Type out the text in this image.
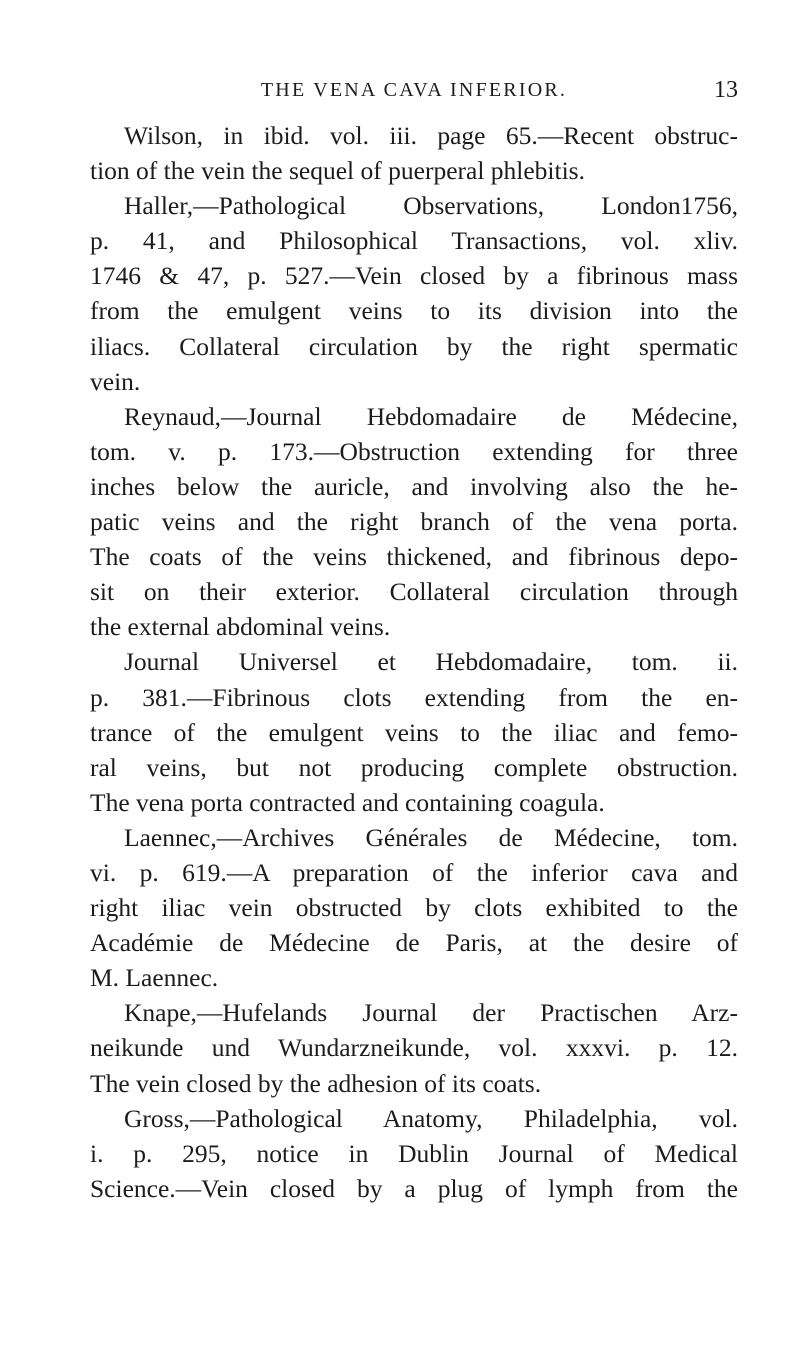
THE VENA CAVA INFERIOR.	13
Wilson, in ibid. vol. iii. page 65.—Recent obstruc-
tion of the vein the sequel of puerperal phlebitis.
Haller,—Pathological Observations, London1756,
p. 41, and Philosophical Transactions, vol. xliv.
1746 & 47, p. 527.—Vein closed by a fibrinous mass
from the emulgent veins to its division into the
iliacs. Collateral circulation by the right spermatic
vein.
Reynaud,—Journal Hebdomadaire de Médecine,
tom. v. p. 173.—Obstruction extending for three
inches below the auricle, and involving also the he-
patic veins and the right branch of the vena porta.
The coats of the veins thickened, and fibrinous depo-
sit on their exterior. Collateral circulation through
the external abdominal veins.
Journal Universel et Hebdomadaire, tom. ii.
p. 381.—Fibrinous clots extending from the en-
trance of the emulgent veins to the iliac and femo-
ral veins, but not producing complete obstruction.
The vena porta contracted and containing coagula.
Laennec,—Archives Générales de Médecine, tom.
vi. p. 619.—A preparation of the inferior cava and
right iliac vein obstructed by clots exhibited to the
Académie de Médecine de Paris, at the desire of
M. Laennec.
Knape,—Hufelands Journal der Practischen Arz-
neikunde und Wundarzneikunde, vol. xxxvi. p. 12.
The vein closed by the adhesion of its coats.
Gross,—Pathological Anatomy, Philadelphia, vol.
i. p. 295, notice in Dublin Journal of Medical
Science.—Vein closed by a plug of lymph from the
